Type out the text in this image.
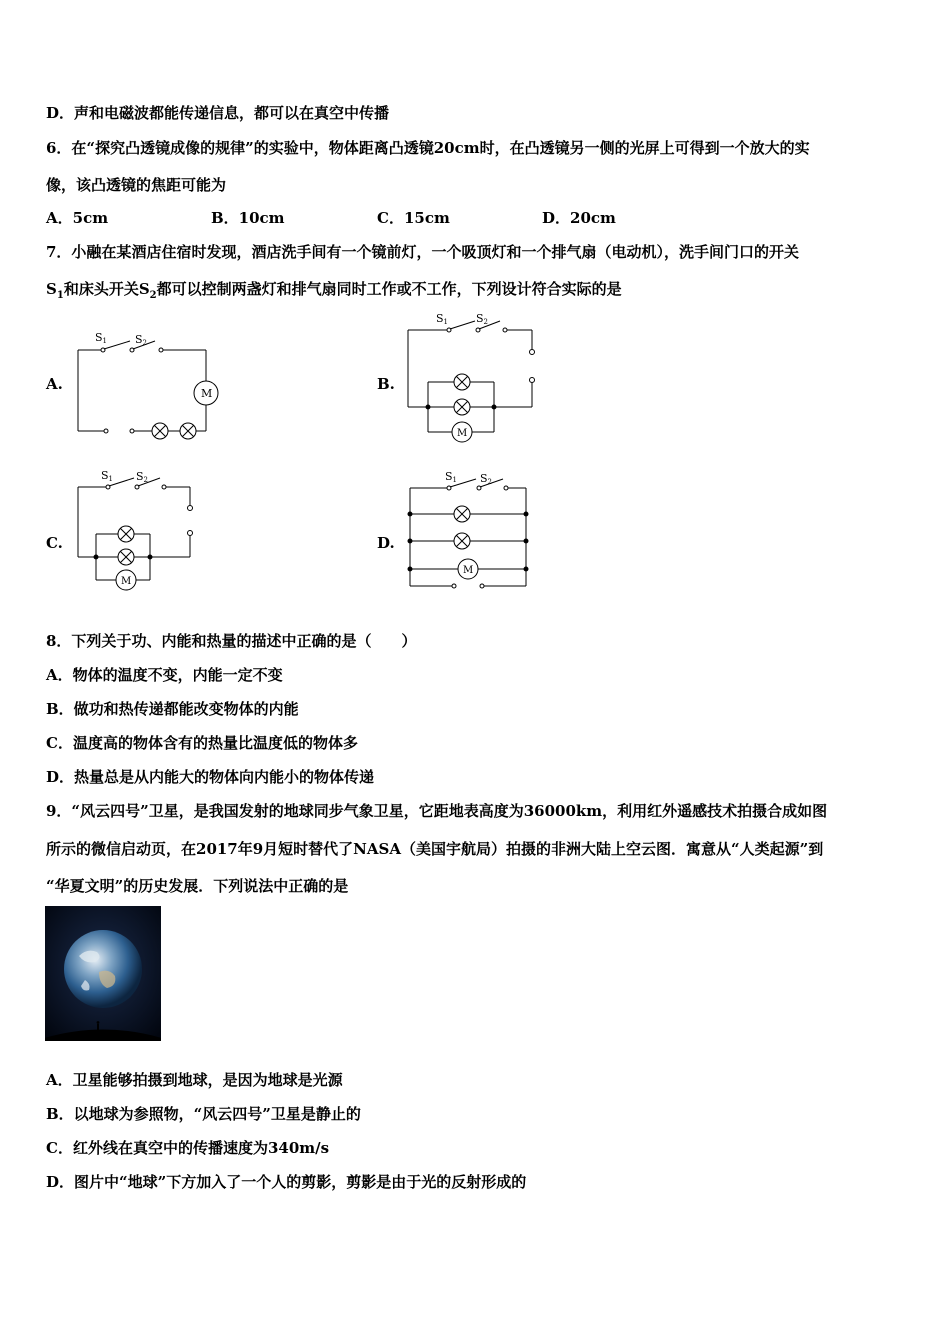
D．声和电磁波都能传递信息，都可以在真空中传播
6．在“探究凸透镜成像的规律”的实验中，物体距离凸透镜20cm时，在凸透镜另一侧的光屏上可得到一个放大的实
像，该凸透镜的焦距可能为
A．5cm	B．10cm	C．15cm	D．20cm
7．小融在某酒店住宿时发现，酒店洗手间有一个镜前灯，一个吸顶灯和一个排气扇（电动机），洗手间门口的开关
$S_1$和床头开关$S_2$都可以控制两盏灯和排气扇同时工作或不工作，下列设计符合实际的是
A.	B.
C.	D.
S1	S2
M
S1	S2
M
S1 S2
M
S1 S2
M
8．下列关于功、内能和热量的描述中正确的是（　　）
A．物体的温度不变，内能一定不变
B．做功和热传递都能改变物体的内能
C．温度高的物体含有的热量比温度低的物体多
D．热量总是从内能大的物体向内能小的物体传递
9．“风云四号”卫星，是我国发射的地球同步气象卫星，它距地表高度为36000km，利用红外遥感技术拍摄合成如图
所示的微信启动页，在2017年9月短时替代了NASA（美国宇航局）拍摄的非洲大陆上空云图．寓意从“人类起源”到
“华夏文明”的历史发展．下列说法中正确的是
A．卫星能够拍摄到地球，是因为地球是光源
B．以地球为参照物，“风云四号”卫星是静止的
C．红外线在真空中的传播速度为340m/s
D．图片中“地球”下方加入了一个人的剪影，剪影是由于光的反射形成的
